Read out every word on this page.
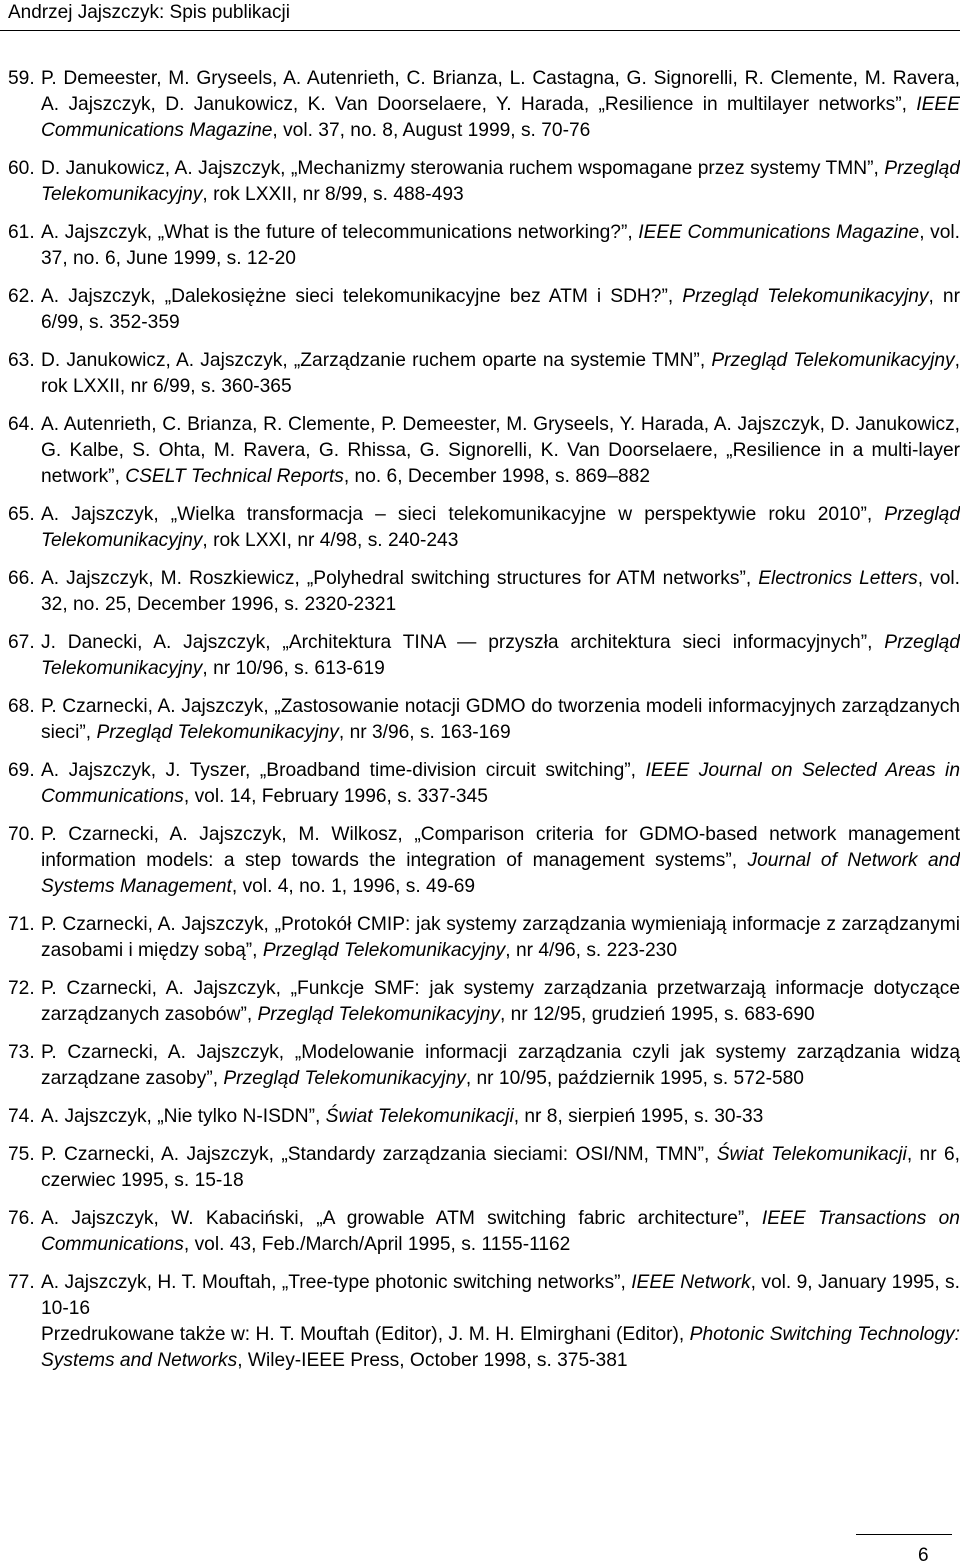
Andrzej Jajszczyk: Spis publikacji
59. P. Demeester, M. Gryseels, A. Autenrieth, C. Brianza, L. Castagna, G. Signorelli, R. Clemente, M. Ravera, A. Jajszczyk, D. Janukowicz, K. Van Doorselaere, Y. Harada, „Resilience in multilayer networks”, IEEE Communications Magazine, vol. 37, no. 8, August 1999, s. 70-76
60. D. Janukowicz, A. Jajszczyk, „Mechanizmy sterowania ruchem wspomagane przez systemy TMN”, Przegląd Telekomunikacyjny, rok LXXII, nr 8/99, s. 488-493
61. A. Jajszczyk, „What is the future of telecommunications networking?”, IEEE Communications Magazine, vol. 37, no. 6, June 1999, s. 12-20
62. A. Jajszczyk, „Dalekosiężne sieci telekomunikacyjne bez ATM i SDH?”, Przegląd Telekomunikacyjny, nr 6/99, s. 352-359
63. D. Janukowicz, A. Jajszczyk, „Zarządzanie ruchem oparte na systemie TMN”, Przegląd Telekomunikacyjny, rok LXXII, nr 6/99, s. 360-365
64. A. Autenrieth, C. Brianza, R. Clemente, P. Demeester, M. Gryseels, Y. Harada, A. Jajszczyk, D. Janukowicz, G. Kalbe, S. Ohta, M. Ravera, G. Rhissa, G. Signorelli, K. Van Doorselaere, „Resilience in a multi-layer network”, CSELT Technical Reports, no. 6, December 1998, s. 869–882
65. A. Jajszczyk, „Wielka transformacja – sieci telekomunikacyjne w perspektywie roku 2010”, Przegląd Telekomunikacyjny, rok LXXI, nr 4/98, s. 240-243
66. A. Jajszczyk, M. Roszkiewicz, „Polyhedral switching structures for ATM networks”, Electronics Letters, vol. 32, no. 25, December 1996, s. 2320-2321
67. J. Danecki, A. Jajszczyk, „Architektura TINA — przyszła architektura sieci informacyjnych”, Przegląd Telekomunikacyjny, nr 10/96, s. 613-619
68. P. Czarnecki, A. Jajszczyk, „Zastosowanie notacji GDMO do tworzenia modeli informacyjnych zarządzanych sieci”, Przegląd Telekomunikacyjny, nr 3/96, s. 163-169
69. A. Jajszczyk, J. Tyszer, „Broadband time-division circuit switching”, IEEE Journal on Selected Areas in Communications, vol. 14, February 1996, s. 337-345
70. P. Czarnecki, A. Jajszczyk, M. Wilkosz, „Comparison criteria for GDMO-based network management information models: a step towards the integration of management systems”, Journal of Network and Systems Management, vol. 4, no. 1, 1996, s. 49-69
71. P. Czarnecki, A. Jajszczyk, „Protokół CMIP: jak systemy zarządzania wymieniają informacje z zarządzanymi zasobami i między sobą”, Przegląd Telekomunikacyjny, nr 4/96, s. 223-230
72. P. Czarnecki, A. Jajszczyk, „Funkcje SMF: jak systemy zarządzania przetwarzają informacje dotyczące zarządzanych zasobów”, Przegląd Telekomunikacyjny, nr 12/95, grudzień 1995, s. 683-690
73. P. Czarnecki, A. Jajszczyk, „Modelowanie informacji zarządzania czyli jak systemy zarządzania widzą zarządzane zasoby”, Przegląd Telekomunikacyjny, nr 10/95, październik 1995, s. 572-580
74. A. Jajszczyk, „Nie tylko N-ISDN”, Świat Telekomunikacji, nr 8, sierpień 1995, s. 30-33
75. P. Czarnecki, A. Jajszczyk, „Standardy zarządzania sieciami: OSI/NM, TMN”, Świat Telekomunikacji, nr 6, czerwiec 1995, s. 15-18
76. A. Jajszczyk, W. Kabaciński, „A growable ATM switching fabric architecture”, IEEE Transactions on Communications, vol. 43, Feb./March/April 1995, s. 1155-1162
77. A. Jajszczyk, H. T. Mouftah, „Tree-type photonic switching networks”, IEEE Network, vol. 9, January 1995, s. 10-16
Przedrukowane także w: H. T. Mouftah (Editor), J. M. H. Elmirghani (Editor), Photonic Switching Technology: Systems and Networks, Wiley-IEEE Press, October 1998, s. 375-381
6
